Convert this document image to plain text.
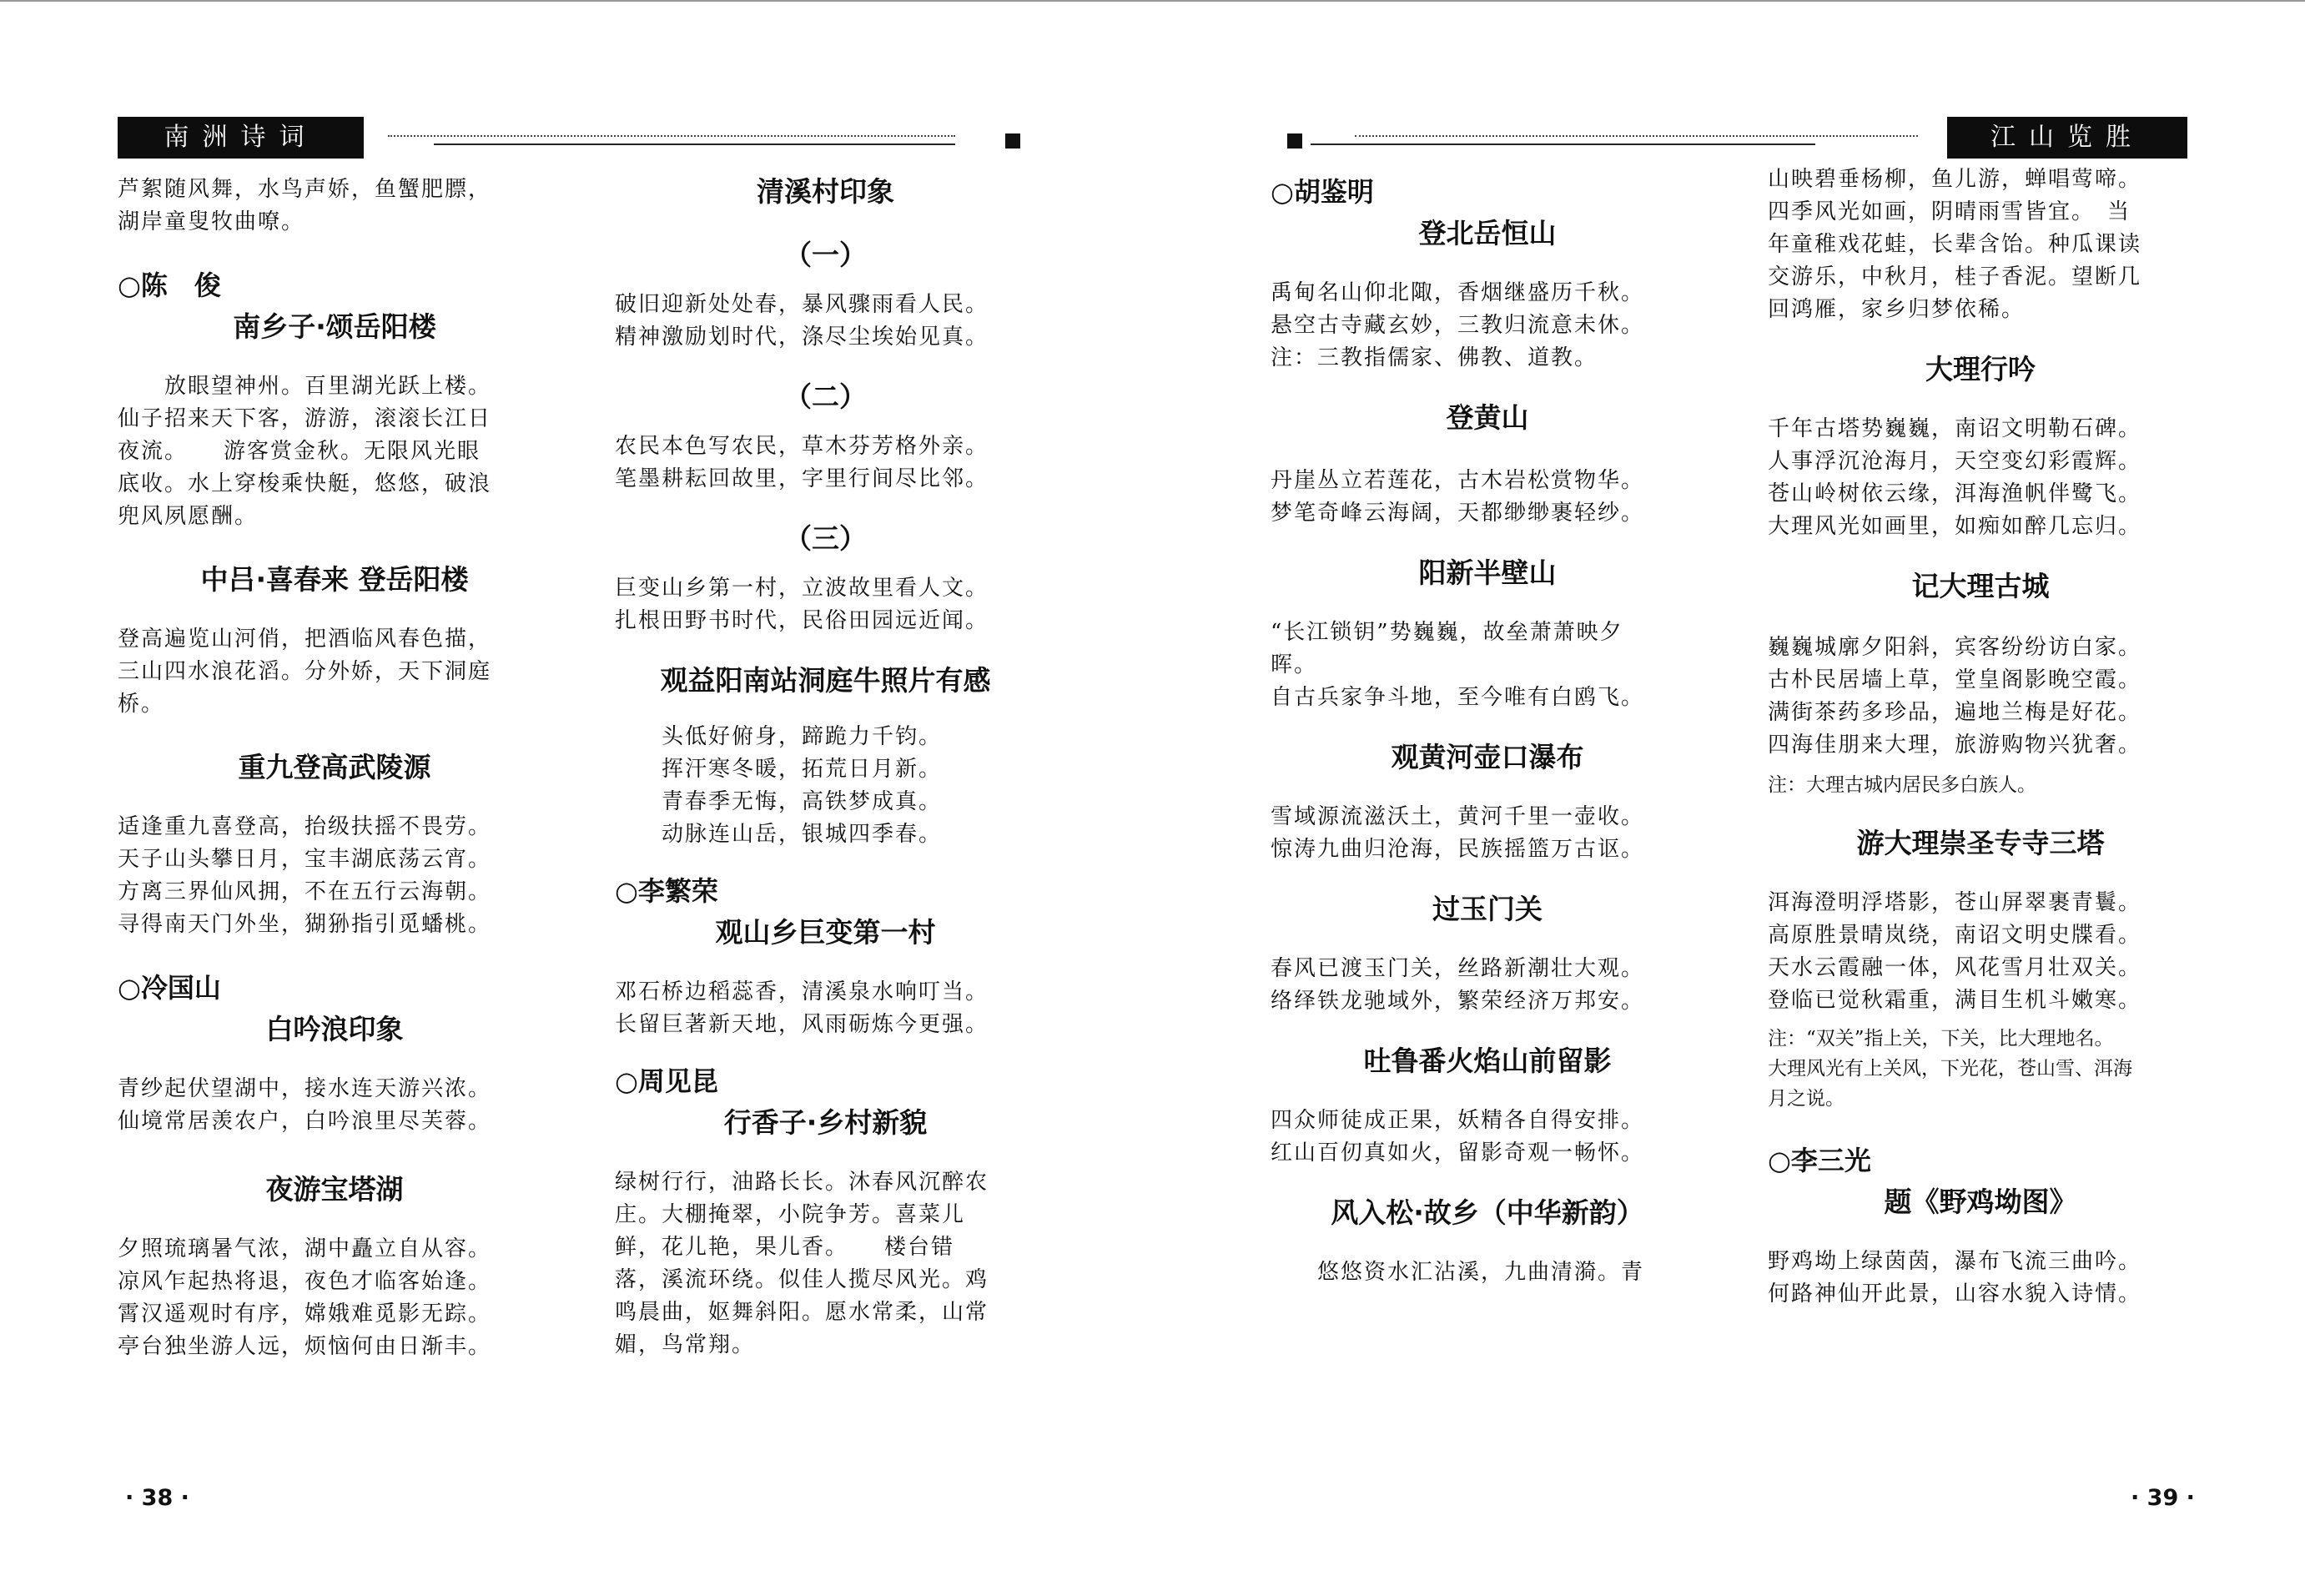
南洲诗词

芦絮随风舞，水鸟声娇，鱼蟹肥膘，
湖岸童叟牧曲嘹。

○陈　俊

南乡子·颂岳阳楼

　　放眼望神州。百里湖光跃上楼。
仙子招来天下客，游游，滚滚长江日
夜流。　　游客赏金秋。无限风光眼
底收。水上穿梭乘快艇，悠悠，破浪
兜风夙愿酬。

中吕·喜春来 登岳阳楼

登高遍览山河俏，把酒临风春色描，
三山四水浪花滔。分外娇，天下洞庭
桥。

重九登高武陵源

适逢重九喜登高，抬级扶摇不畏劳。
天子山头攀日月，宝丰湖底荡云宵。
方离三界仙风拥，不在五行云海朝。
寻得南天门外坐，猢狲指引觅蟠桃。

○冷国山

白吟浪印象

青纱起伏望湖中，接水连天游兴浓。
仙境常居羡农户，白吟浪里尽芙蓉。

夜游宝塔湖

夕照琉璃暑气浓，湖中矗立自从容。
凉风乍起热将退，夜色才临客始逢。
霄汉遥观时有序，嫦娥难觅影无踪。
亭台独坐游人远，烦恼何由日渐丰。

清溪村印象

（一）

破旧迎新处处春，暴风骤雨看人民。
精神激励划时代，涤尽尘埃始见真。

（二）

农民本色写农民，草木芬芳格外亲。
笔墨耕耘回故里，字里行间尽比邻。

（三）

巨变山乡第一村，立波故里看人文。
扎根田野书时代，民俗田园远近闻。

观益阳南站洞庭牛照片有感

　　头低好俯身，蹄跪力千钧。
　　挥汗寒冬暖，拓荒日月新。
　　青春季无悔，高铁梦成真。
　　动脉连山岳，银城四季春。

○李繁荣

观山乡巨变第一村

邓石桥边稻蕊香，清溪泉水响叮当。
长留巨著新天地，风雨砺炼今更强。

○周见昆

行香子·乡村新貌

绿树行行，油路长长。沐春风沉醉农
庄。大棚掩翠，小院争芳。喜菜儿
鲜，花儿艳，果儿香。　　楼台错
落，溪流环绕。似佳人揽尽风光。鸡
鸣晨曲，妪舞斜阳。愿水常柔，山常
媚，鸟常翔。

· 38 ·
江山览胜

○胡鉴明

登北岳恒山

禹甸名山仰北陬，香烟继盛历千秋。
悬空古寺藏玄妙，三教归流意未休。
注：三教指儒家、佛教、道教。

登黄山

丹崖丛立若莲花，古木岩松赏物华。
梦笔奇峰云海阔，天都缈缈裹轻纱。

阳新半壁山

“长江锁钥”势巍巍，故垒萧萧映夕
晖。
自古兵家争斗地，至今唯有白鸥飞。

观黄河壶口瀑布

雪域源流滋沃土，黄河千里一壶收。
惊涛九曲归沧海，民族摇篮万古讴。

过玉门关

春风已渡玉门关，丝路新潮壮大观。
络绎铁龙驰域外，繁荣经济万邦安。

吐鲁番火焰山前留影

四众师徒成正果，妖精各自得安排。
红山百仞真如火，留影奇观一畅怀。

风入松·故乡（中华新韵）

　　悠悠资水汇沾溪，九曲清漪。青

山映碧垂杨柳，鱼儿游，蝉唱莺啼。
四季风光如画，阴晴雨雪皆宜。　当
年童稚戏花蛙，长辈含饴。种瓜课读
交游乐，中秋月，桂子香泥。望断几
回鸿雁，家乡归梦依稀。

大理行吟

千年古塔势巍巍，南诏文明勒石碑。
人事浮沉沧海月，天空变幻彩霞辉。
苍山岭树依云缘，洱海渔帆伴鹭飞。
大理风光如画里，如痴如醉几忘归。

记大理古城

巍巍城廓夕阳斜，宾客纷纷访白家。
古朴民居墙上草，堂皇阁影晚空霞。
满街茶药多珍品，遍地兰梅是好花。
四海佳朋来大理，旅游购物兴犹奢。

注：大理古城内居民多白族人。

游大理崇圣专寺三塔

洱海澄明浮塔影，苍山屏翠裹青鬟。
高原胜景晴岚绕，南诏文明史牒看。
天水云霞融一体，风花雪月壮双关。
登临已觉秋霜重，满目生机斗嫩寒。

注：“双关”指上关，下关，比大理地名。
大理风光有上关风，下光花，苍山雪、洱海
月之说。

○李三光

题《野鸡坳图》

野鸡坳上绿茵茵，瀑布飞流三曲吟。
何路神仙开此景，山容水貌入诗情。

· 39 ·
